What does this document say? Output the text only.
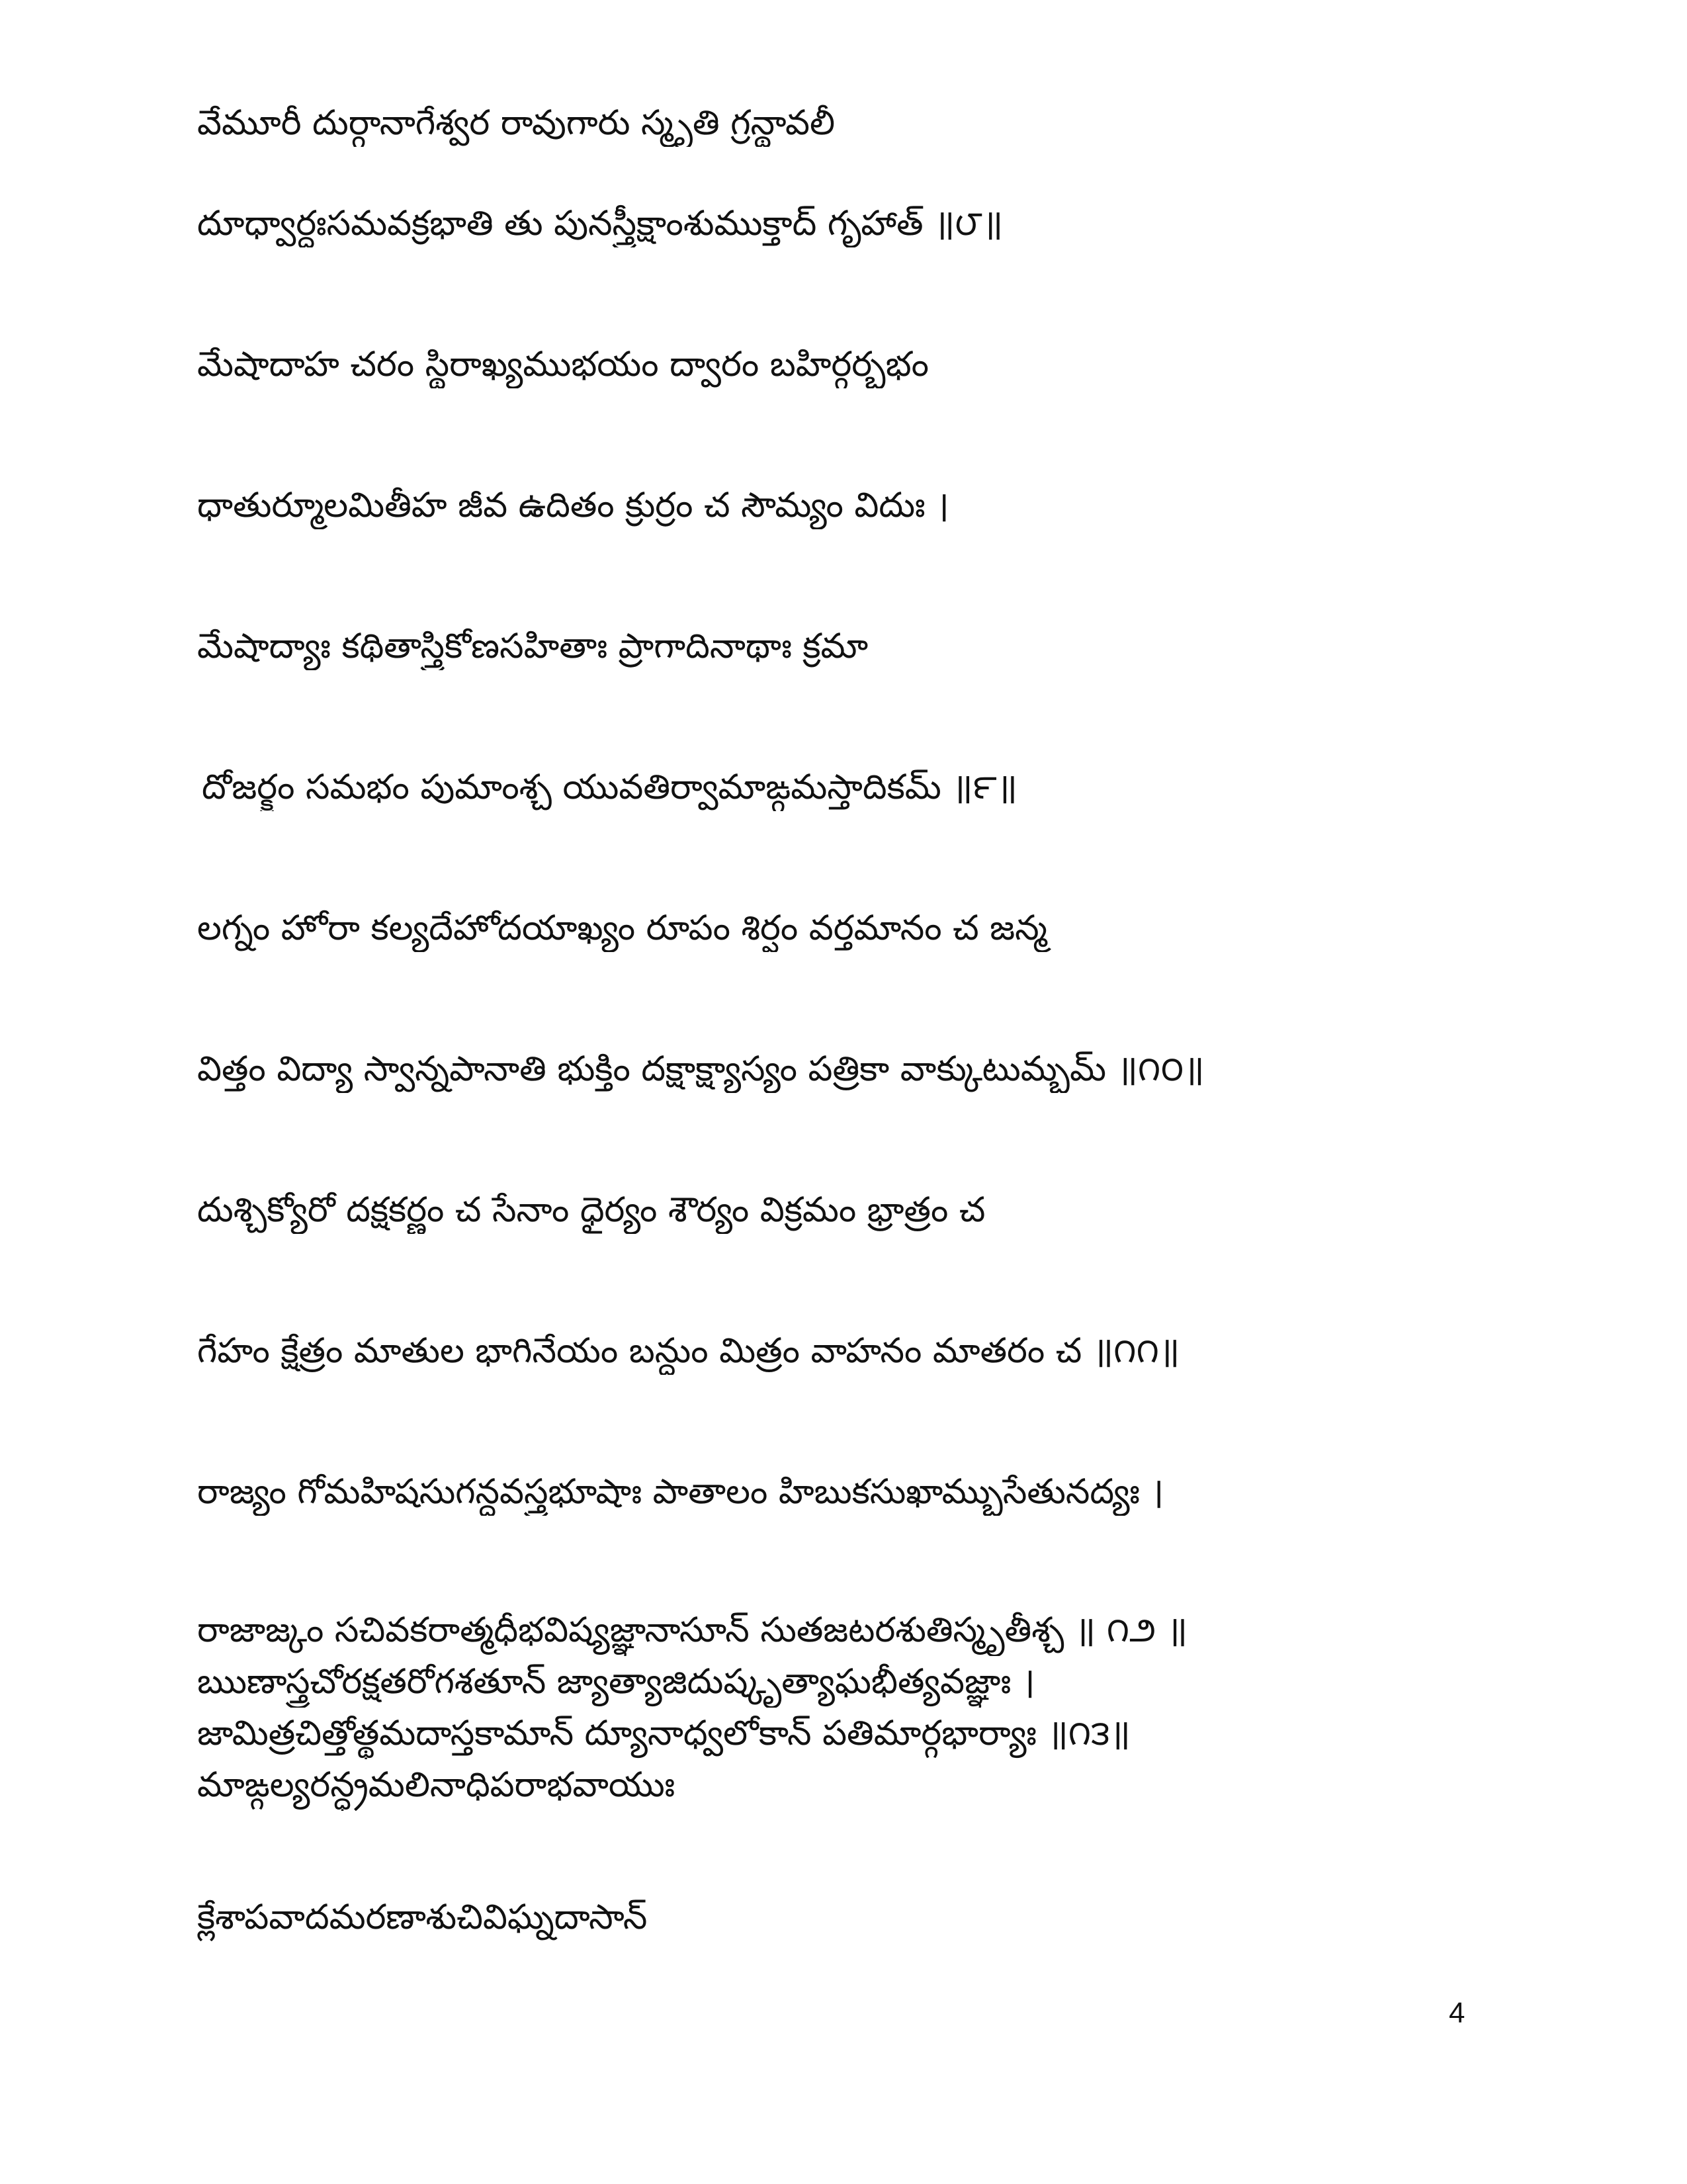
వేమూరీ దుర్గానాగేశ్వర రావుగారు స్మృతి గ్రన్థావలీ
దూధ్వార్ధఃసమవక్రభాతి తు పునస్త్రీక్షాంశుముక్తాద్ గృహాత్ ॥౮॥
మేషాదాహ చరం స్థిరాఖ్యముభయం ద్వారం బహిర్గర్భభం
ధాతుర్మూలమితీహ జీవ ఉదితం క్రుర్రం చ సౌమ్యం విదుః ।
మేషాద్యాః కథితాస్త్రికోణసహితాః ప్రాగాదినాథాః క్రమా
దోజర్క్షం సమభం పుమాంశ్చ యువతిర్వామాఙ్గమస్తాదికమ్ ॥౯॥
లగ్నం హోరా కల్యదేహోదయాఖ్యం రూపం శిర్షం వర్తమానం చ జన్మ
విత్తం విద్యా స్వాన్నపానాతి భుక్తిం దక్షాక్ష్యాస్యం పత్రికా వాక్కుటుమ్బమ్ ॥౧౦॥
దుశ్చిక్యోరో దక్షకర్ణం చ సేనాం ధైర్యం శౌర్యం విక్రమం భ్రాత్రం చ
గేహం క్షేత్రం మాతుల భాగినేయం బన్ధుం మిత్రం వాహనం మాతరం చ ॥౧౧॥
రాజ్యం గోమహిషసుగన్ధవస్త్రభూషాః పాతాలం హిబుకసుఖామ్బుసేతునద్యః ।
రాజాజ్కం సచివకరాత్మధీభవిష్యజ్ఞానాసూన్ సుతజటరశుతిస్మృతీశ్చ ॥ ౧౨ ॥
ఋణాస్త్రచోరక్షతరోగశతూన్ జ్యాత్యాజిదుష్కృత్యాఘభీత్యవజ్ఞాః ।
జామిత్రచిత్తోత్థమదాస్తకామాన్ ద్యూనాధ్వలోకాన్ పతిమార్గభార్యాః ॥౧౩॥
మాఙ్గల్యరన్ధ్రమలినాధిపరాభవాయుః
క్లేశాపవాదమరణాశుచివిఘ్నదాసాన్
4
